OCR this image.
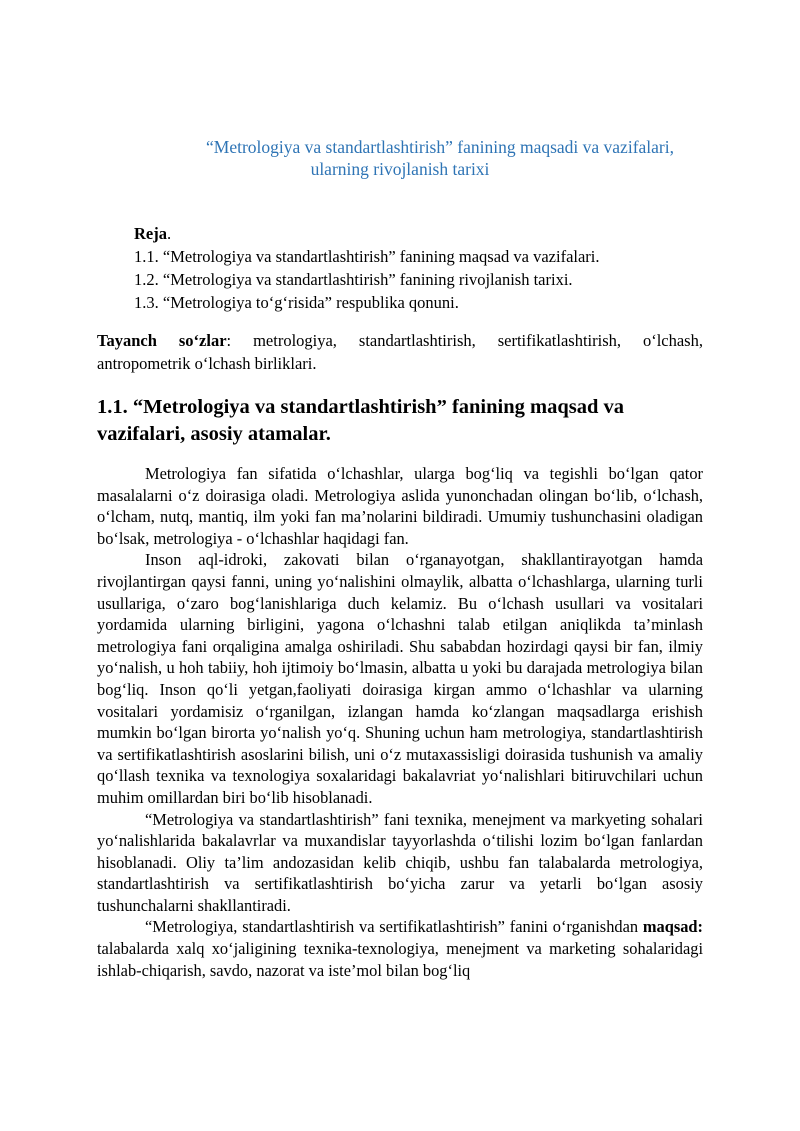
“Metrologiya va standartlashtirish” fanining maqsadi va vazifalari,
ularning rivojlanish tarixi
Reja.
1.1. “Metrologiya va standartlashtirish” fanining maqsad va vazifalari.
1.2. “Metrologiya va standartlashtirish” fanining rivojlanish tarixi.
1.3. “Metrologiya to‘g‘risida” respublika qonuni.
Tayanch so‘zlar: metrologiya, standartlashtirish, sertifikatlashtirish, o‘lchash, antropometrik o‘lchash birliklari.
1.1. “Metrologiya va standartlashtirish” fanining maqsad va vazifalari, asosiy atamalar.

Metrologiya fan sifatida o‘lchashlar, ularga bog‘liq va tegishli bo‘lgan qator masalalarni o‘z doirasiga oladi. Metrologiya aslida yunonchadan olingan bo‘lib, o‘lchash, o‘lcham, nutq, mantiq, ilm yoki fan ma’nolarini bildiradi. Umumiy tushunchasini oladigan bo‘lsak, metrologiya - o‘lchashlar haqidagi fan.

Inson aql-idroki, zakovati bilan o‘rganayotgan, shakllantirayotgan hamda rivojlantirgan qaysi fanni, uning yo‘nalishini olmaylik, albatta o‘lchashlarga, ularning turli usullariga, o‘zaro bog‘lanishlariga duch kelamiz. Bu o‘lchash usullari va vositalari yordamida ularning birligini, yagona o‘lchashni talab etilgan aniqlikda ta’minlash metrologiya fani orqaligina amalga oshiriladi. Shu sababdan hozirdagi qaysi bir fan, ilmiy yo‘nalish, u hoh tabiiy, hoh ijtimoiy bo‘lmasin, albatta u yoki bu darajada metrologiya bilan bog‘liq. Inson qo‘li yetgan,faoliyati doirasiga kirgan ammo o‘lchashlar va ularning vositalari yordamisiz o‘rganilgan, izlangan hamda ko‘zlangan maqsadlarga erishish mumkin bo‘lgan birorta yo‘nalish yo‘q. Shuning uchun ham metrologiya, standartlashtirish va sertifikatlashtirish asoslarini bilish, uni o‘z mutaxassisligi doirasida tushunish va amaliy qo‘llash texnika va texnologiya soxalaridagi bakalavriat yo‘nalishlari bitiruvchilari uchun muhim omillardan biri bo‘lib hisoblanadi.

“Metrologiya va standartlashtirish” fani texnika, menejment va markyeting sohalari yo‘nalishlarida bakalavrlar va muxandislar tayyorlashda o‘tilishi lozim bo‘lgan fanlardan hisoblanadi. Oliy ta’lim andozasidan kelib chiqib, ushbu fan talabalarda metrologiya, standartlashtirish va sertifikatlashtirish bo‘yicha zarur va yetarli bo‘lgan asosiy tushunchalarni shakllantiradi.

“Metrologiya, standartlashtirish va sertifikatlashtirish” fanini o‘rganishdan maqsad: talabalarda xalq xo‘jaligining texnika-texnologiya, menejment va marketing sohalaridagi ishlab-chiqarish, savdo, nazorat va iste’mol bilan bog‘liq
